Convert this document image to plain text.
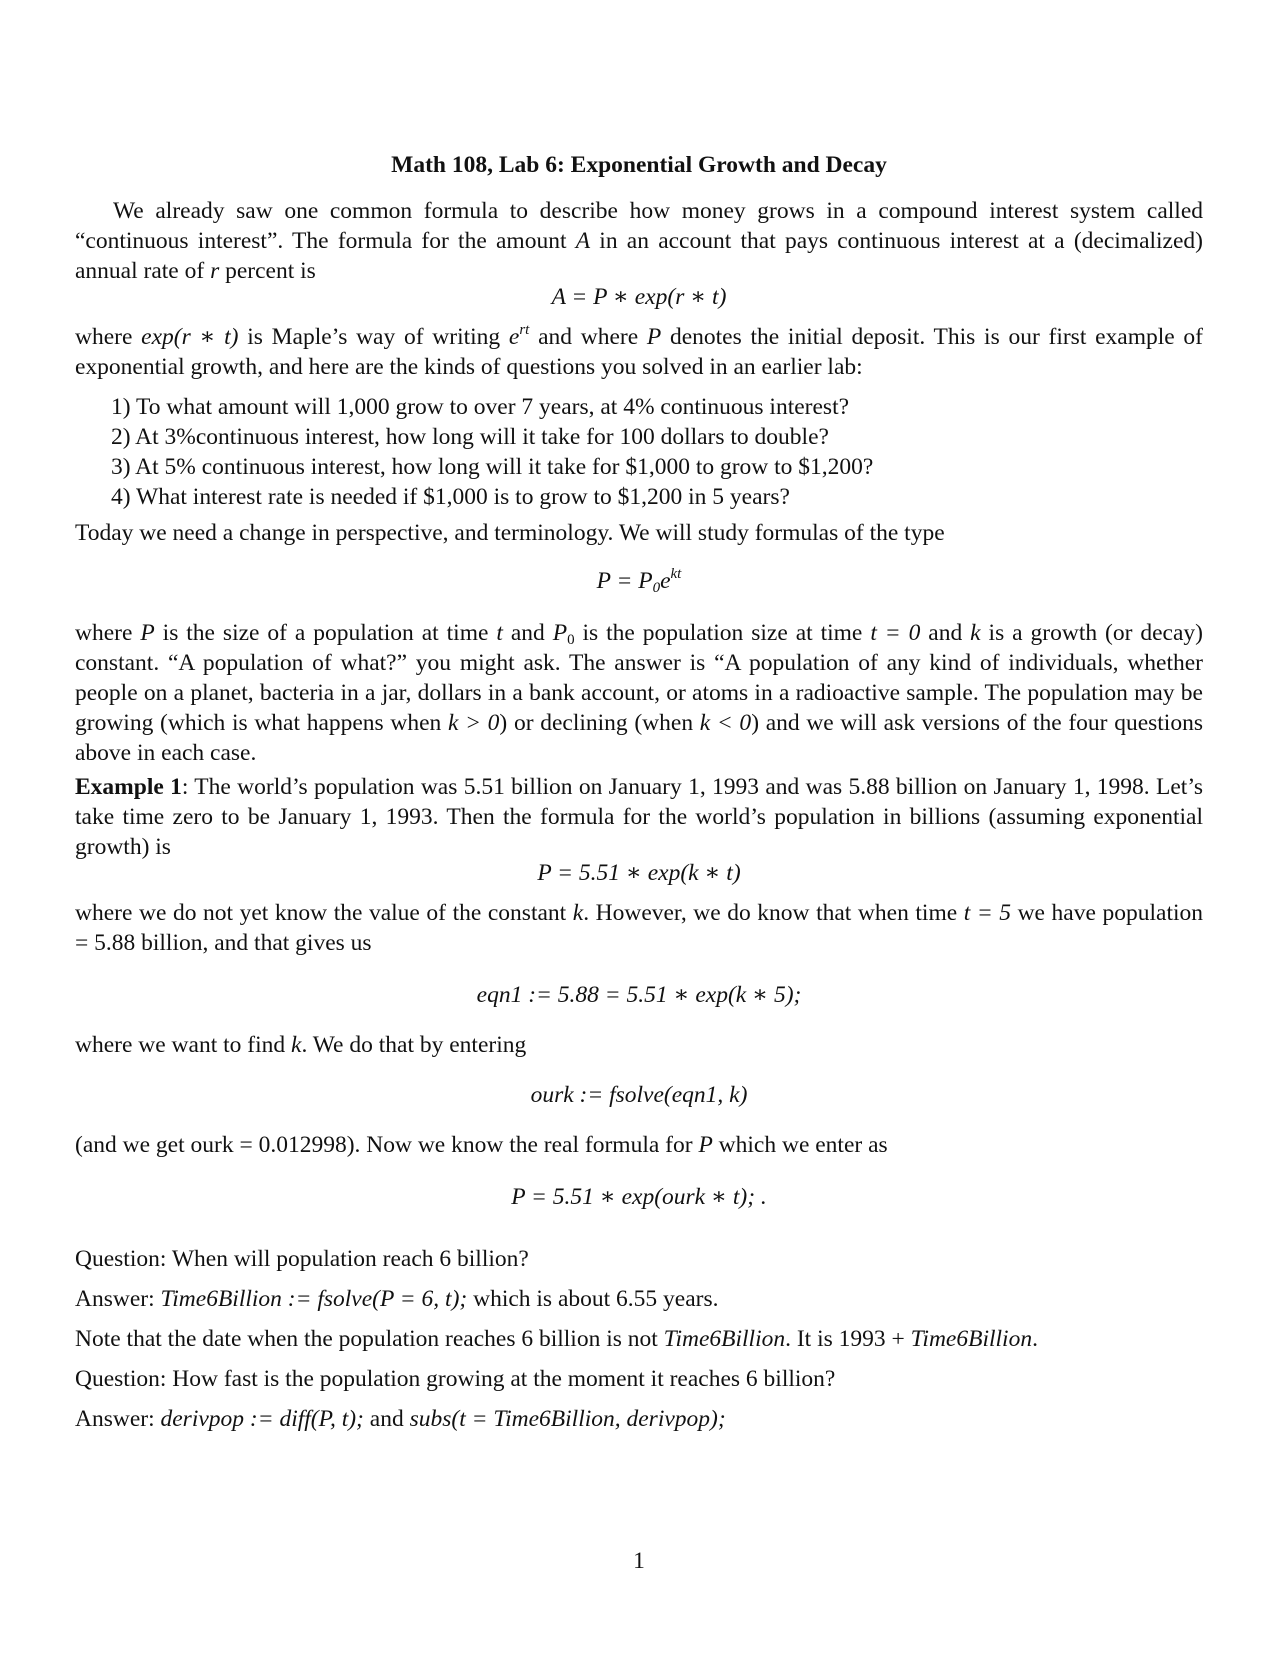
Math 108, Lab 6: Exponential Growth and Decay

We already saw one common formula to describe how money grows in a compound interest system called “continuous interest”. The formula for the amount A in an account that pays continuous interest at a (decimalized) annual rate of r percent is

A = P ∗ exp(r ∗ t)

where exp(r ∗ t) is Maple’s way of writing $e^{rt}$ and where P denotes the initial deposit. This is our first example of exponential growth, and here are the kinds of questions you solved in an earlier lab:

1) To what amount will 1,000 grow to over 7 years, at 4% continuous interest?
2) At 3%continuous interest, how long will it take for 100 dollars to double?
3) At 5% continuous interest, how long will it take for $1,000 to grow to $1,200?
4) What interest rate is needed if $1,000 is to grow to $1,200 in 5 years?

Today we need a change in perspective, and terminology. We will study formulas of the type

$P = P_0e^{kt}$

where P is the size of a population at time t and $P_0$ is the population size at time t = 0 and k is a growth (or decay) constant. “A population of what?” you might ask. The answer is “A population of any kind of individuals, whether people on a planet, bacteria in a jar, dollars in a bank account, or atoms in a radioactive sample. The population may be growing (which is what happens when k > 0) or declining (when k < 0) and we will ask versions of the four questions above in each case.

Example 1: The world’s population was 5.51 billion on January 1, 1993 and was 5.88 billion on January 1, 1998. Let’s take time zero to be January 1, 1993. Then the formula for the world’s population in billions (assuming exponential growth) is

P = 5.51 ∗ exp(k ∗ t)

where we do not yet know the value of the constant k. However, we do know that when time t = 5 we have population = 5.88 billion, and that gives us

eqn1 := 5.88 = 5.51 ∗ exp(k ∗ 5);

where we want to find k. We do that by entering

ourk := fsolve(eqn1, k)

(and we get ourk = 0.012998). Now we know the real formula for P which we enter as

P = 5.51 ∗ exp(ourk ∗ t); .
Question: When will population reach 6 billion?
Answer: Time6Billion := fsolve(P = 6, t); which is about 6.55 years.
Note that the date when the population reaches 6 billion is not Time6Billion. It is 1993 + Time6Billion.
Question: How fast is the population growing at the moment it reaches 6 billion?
Answer: derivpop := diff(P, t); and subs(t = Time6Billion, derivpop);
1
